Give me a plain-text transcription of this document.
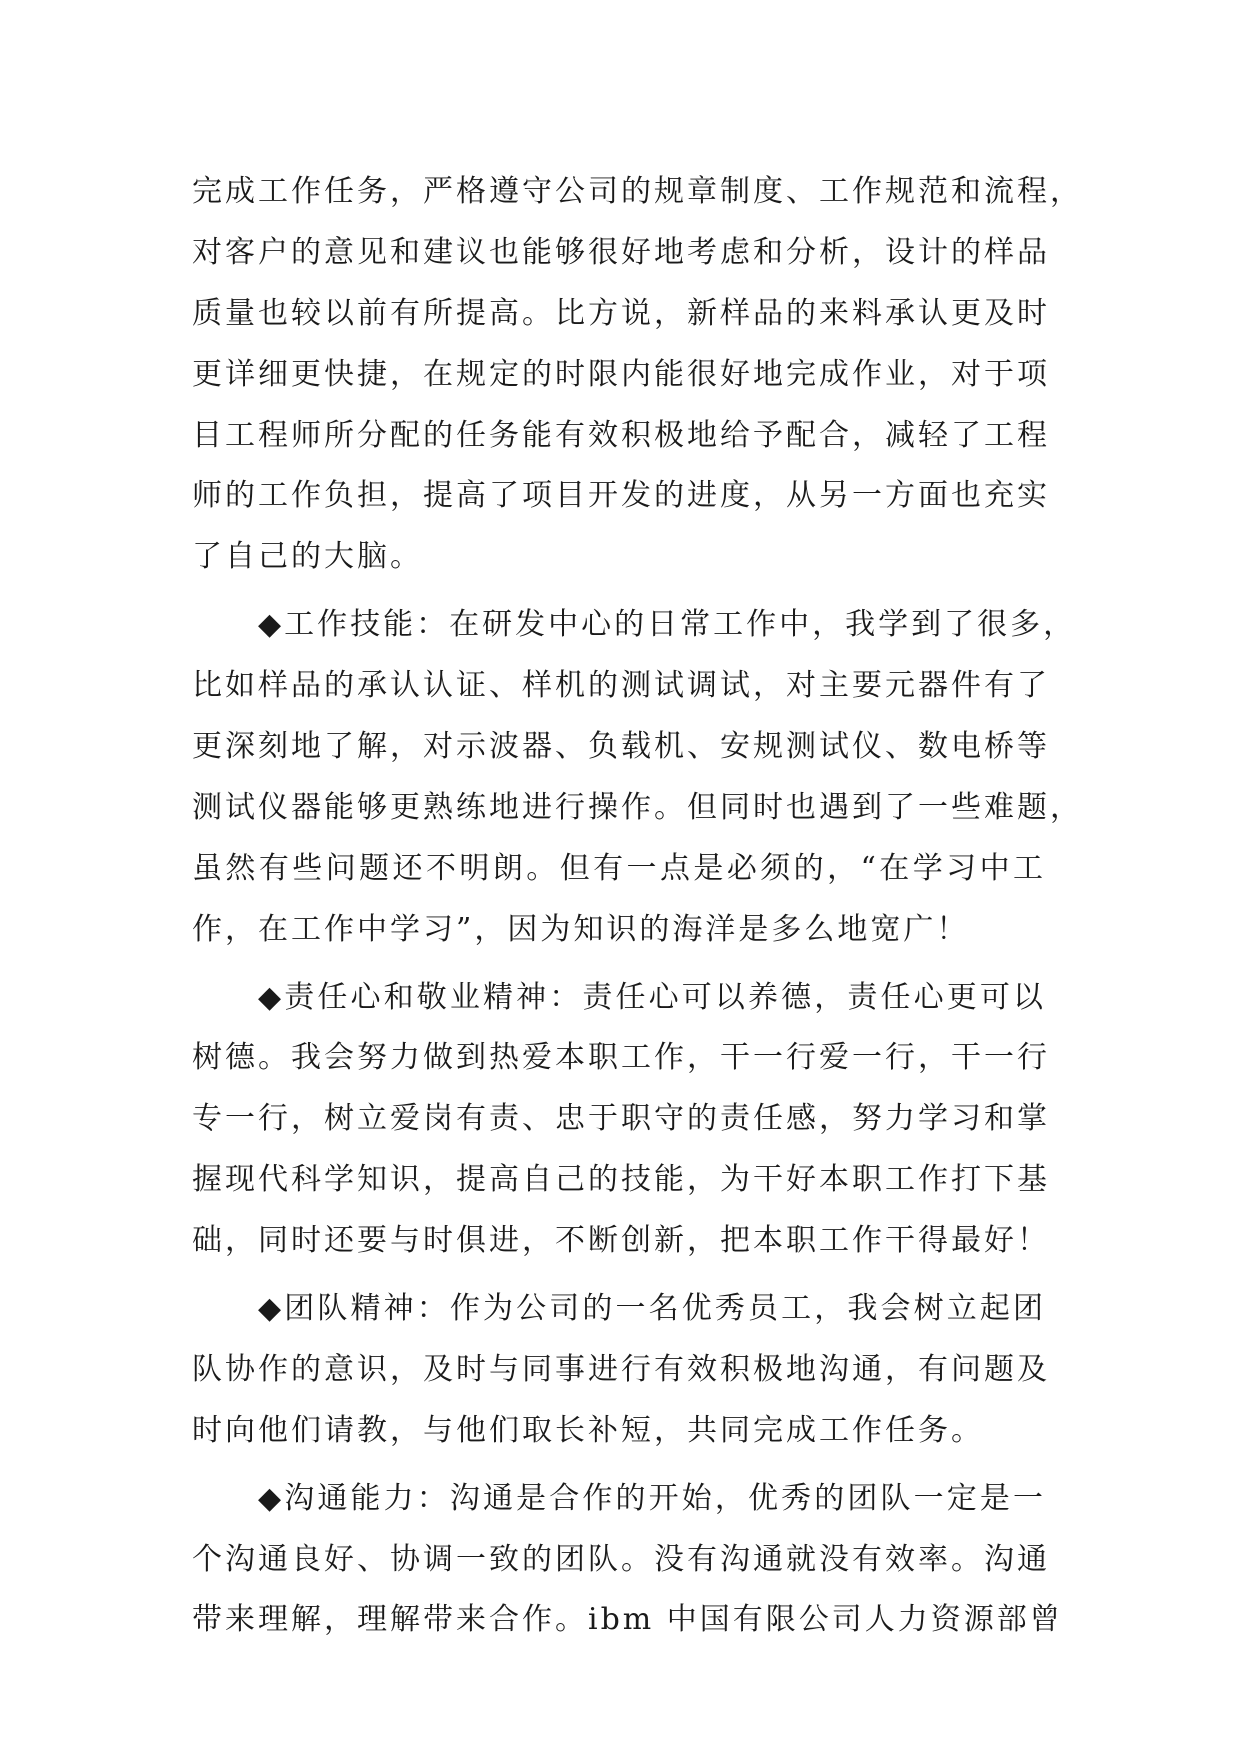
完成工作任务，严格遵守公司的规章制度、工作规范和流程，
对客户的意见和建议也能够很好地考虑和分析，设计的样品
质量也较以前有所提高。比方说，新样品的来料承认更及时
更详细更快捷，在规定的时限内能很好地完成作业，对于项
目工程师所分配的任务能有效积极地给予配合，减轻了工程
师的工作负担，提高了项目开发的进度，从另一方面也充实
了自己的大脑。
◆工作技能：在研发中心的日常工作中，我学到了很多，
比如样品的承认认证、样机的测试调试，对主要元器件有了
更深刻地了解，对示波器、负载机、安规测试仪、数电桥等
测试仪器能够更熟练地进行操作。但同时也遇到了一些难题，
虽然有些问题还不明朗。但有一点是必须的，“在学习中工
作，在工作中学习”，因为知识的海洋是多么地宽广！
◆责任心和敬业精神：责任心可以养德，责任心更可以
树德。我会努力做到热爱本职工作，干一行爱一行，干一行
专一行，树立爱岗有责、忠于职守的责任感，努力学习和掌
握现代科学知识，提高自己的技能，为干好本职工作打下基
础，同时还要与时俱进，不断创新，把本职工作干得最好！
◆团队精神：作为公司的一名优秀员工，我会树立起团
队协作的意识，及时与同事进行有效积极地沟通，有问题及
时向他们请教，与他们取长补短，共同完成工作任务。
◆沟通能力：沟通是合作的开始，优秀的团队一定是一
个沟通良好、协调一致的团队。没有沟通就没有效率。沟通
带来理解，理解带来合作。ibm 中国有限公司人力资源部曾
